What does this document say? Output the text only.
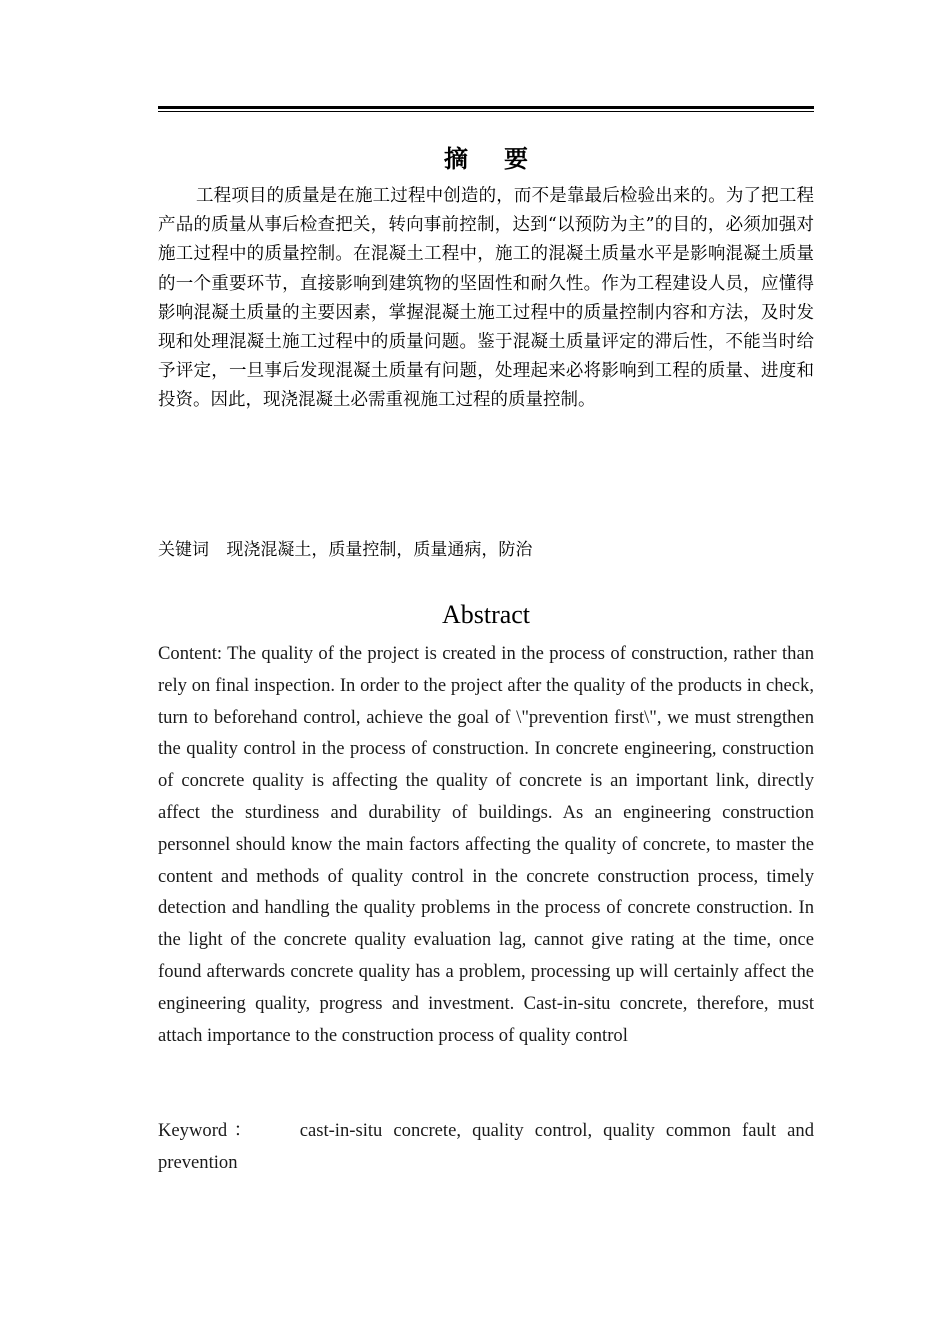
摘要
工程项目的质量是在施工过程中创造的，而不是靠最后检验出来的。为了把工程产品的质量从事后检查把关，转向事前控制，达到“以预防为主”的目的，必须加强对施工过程中的质量控制。在混凝土工程中，施工的混凝土质量水平是影响混凝土质量的一个重要环节，直接影响到建筑物的坚固性和耐久性。作为工程建设人员，应懂得影响混凝土质量的主要因素，掌握混凝土施工过程中的质量控制内容和方法，及时发现和处理混凝土施工过程中的质量问题。鉴于混凝土质量评定的滞后性，不能当时给予评定，一旦事后发现混凝土质量有问题，处理起来必将影响到工程的质量、进度和投资。因此，现浇混凝土必需重视施工过程的质量控制。
关键词 现浇混凝土，质量控制，质量通病，防治
Abstract
Content: The quality of the project is created in the process of construction, rather than rely on final inspection. In order to the project after the quality of the products in check, turn to beforehand control, achieve the goal of \"prevention first\", we must strengthen the quality control in the process of construction. In concrete engineering, construction of concrete quality is affecting the quality of concrete is an important link, directly affect the sturdiness and durability of buildings. As an engineering construction personnel should know the main factors affecting the quality of concrete, to master the content and methods of quality control in the concrete construction process, timely detection and handling the quality problems in the process of concrete construction. In the light of the concrete quality evaluation lag, cannot give rating at the time, once found afterwards concrete quality has a problem, processing up will certainly affect the engineering quality, progress and investment. Cast-in-situ concrete, therefore, must attach importance to the construction process of quality control
Keyword： cast-in-situ concrete, quality control, quality common fault and prevention
